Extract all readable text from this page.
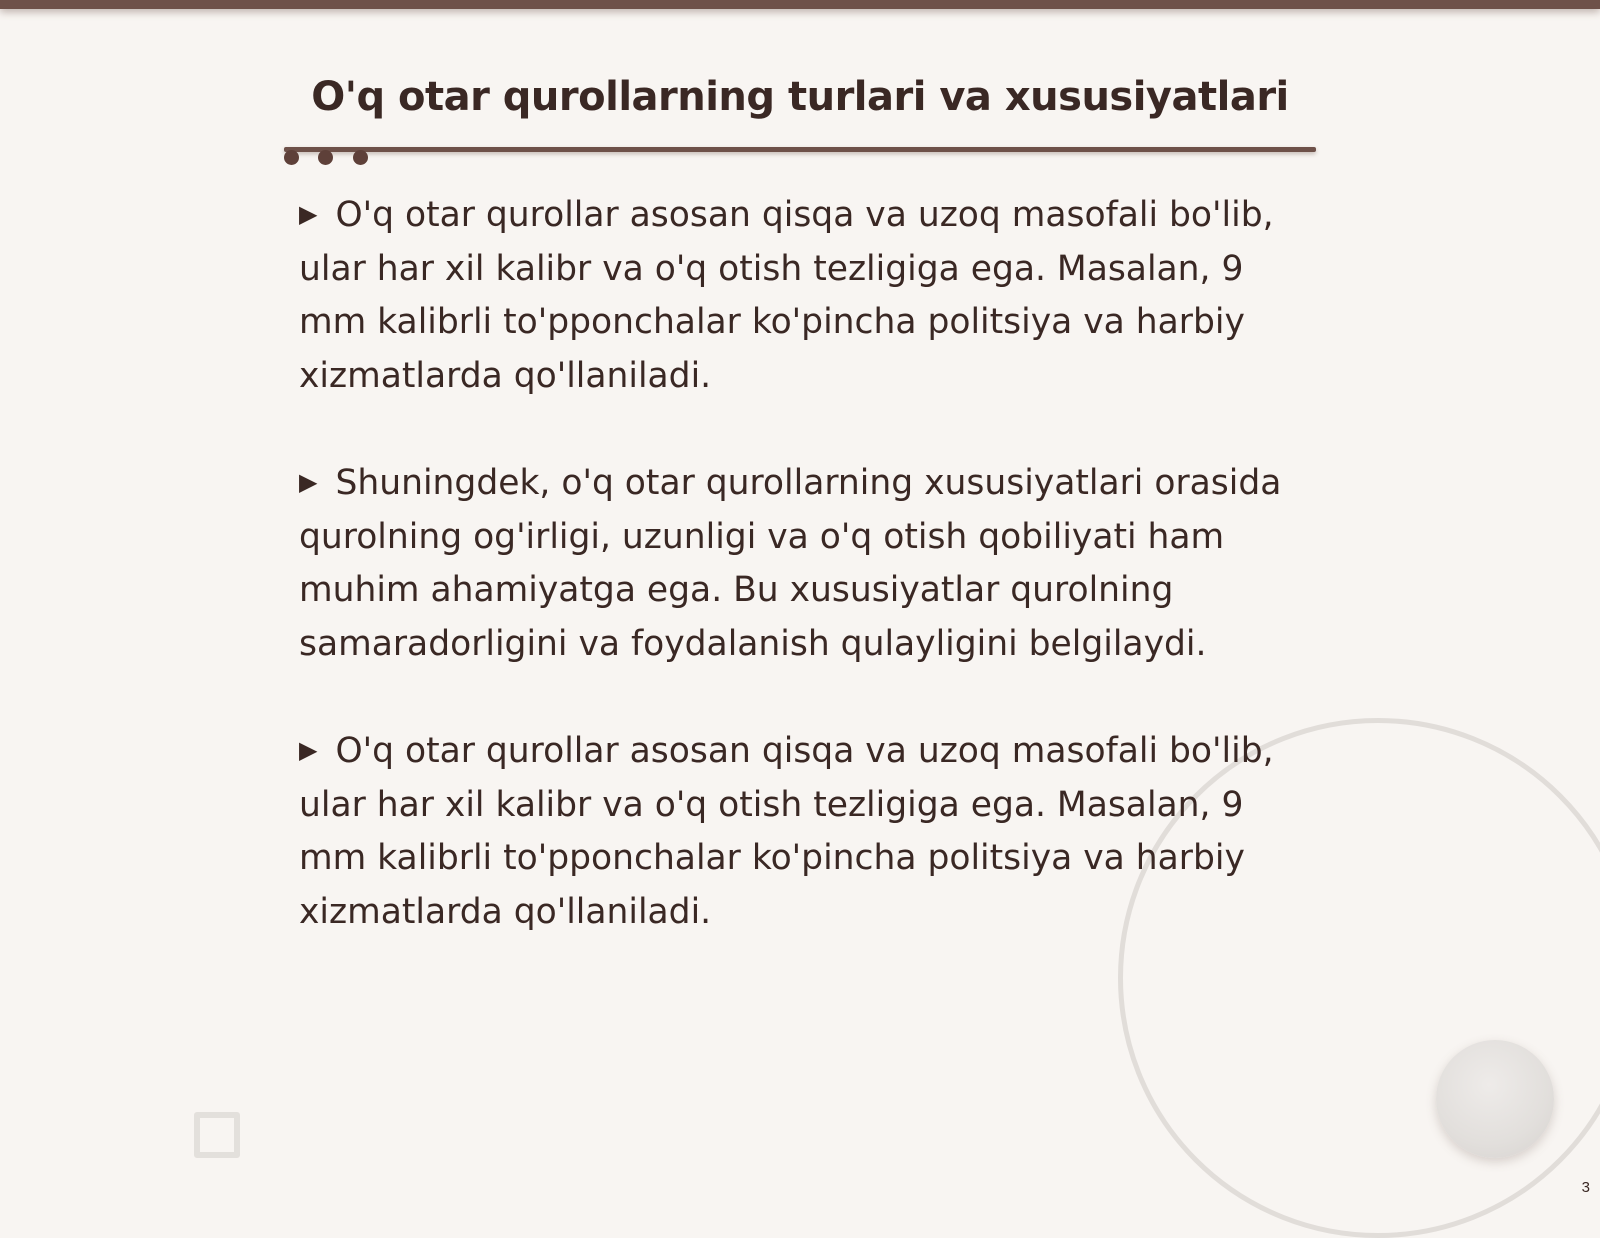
O'q otar qurollarning turlari va xususiyatlari

▶ O'q otar qurollar asosan qisqa va uzoq masofali bo'lib, ular har xil kalibr va o'q otish tezligiga ega. Masalan, 9 mm kalibrli to'pponchalar ko'pincha politsiya va harbiy xizmatlarda qo'llaniladi.

▶ Shuningdek, o'q otar qurollarning xususiyatlari orasida qurolning og'irligi, uzunligi va o'q otish qobiliyati ham muhim ahamiyatga ega. Bu xususiyatlar qurolning samaradorligini va foydalanish qulayligini belgilaydi.

▶ O'q otar qurollar asosan qisqa va uzoq masofali bo'lib, ular har xil kalibr va o'q otish tezligiga ega. Masalan, 9 mm kalibrli to'pponchalar ko'pincha politsiya va harbiy xizmatlarda qo'llaniladi.

3
